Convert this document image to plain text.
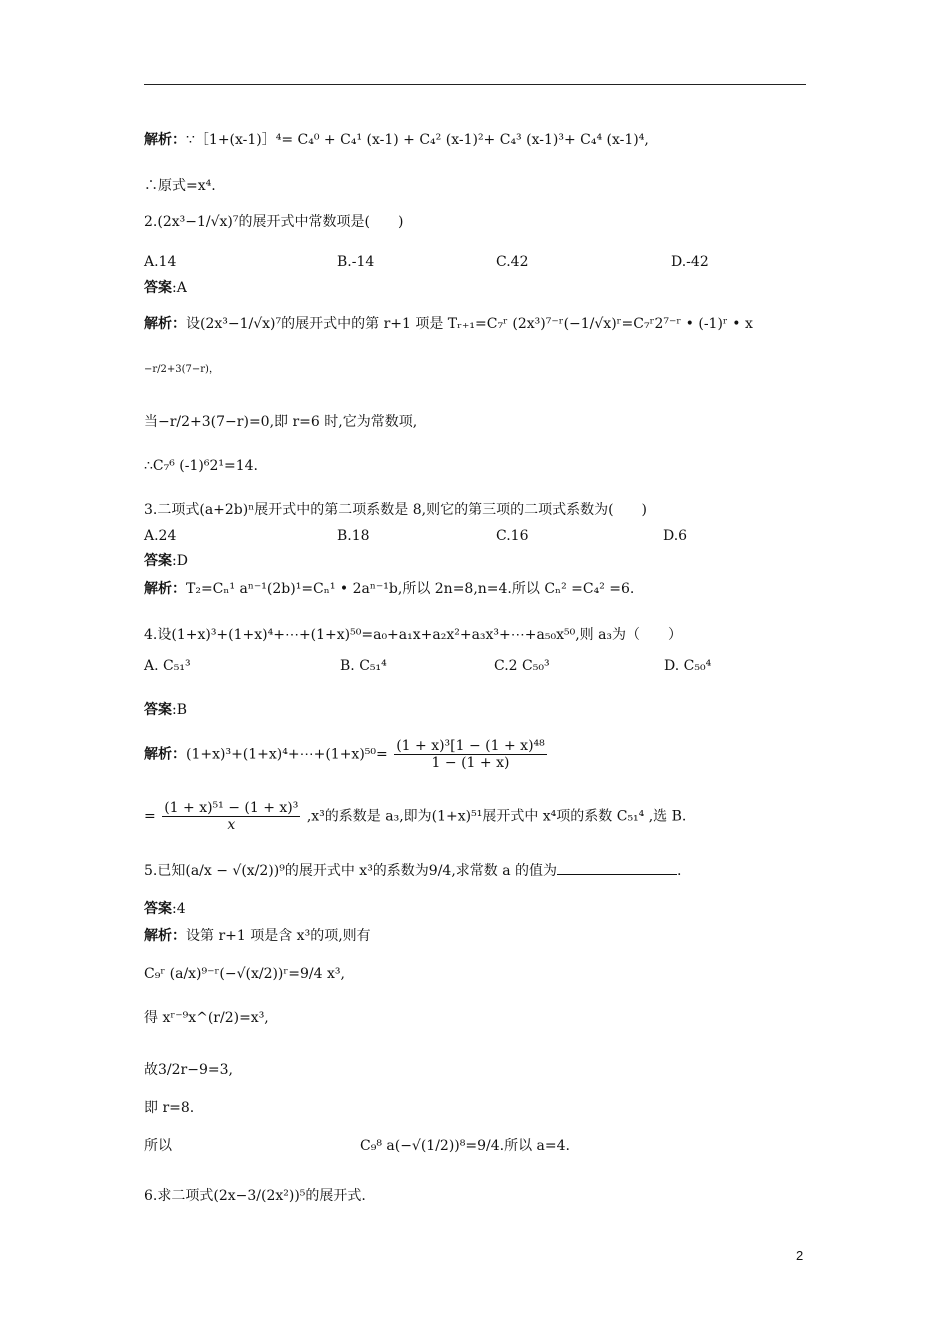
解析：∵［1+(x-1)］⁴= C₄⁰ + C₄¹ (x-1) + C₄² (x-1)²+ C₄³ (x-1)³+ C₄⁴ (x-1)⁴,
∴原式=x⁴.
2.(2x³−1/√x)⁷的展开式中常数项是(　　)
A.14	B.-14	C.42	D.-42
答案:A
解析：设(2x³−1/√x)⁷的展开式中的第 r+1 项是 Tᵣ₊₁=C₇ʳ (2x³)⁷⁻ʳ(−1/√x)ʳ=C₇ʳ2⁷⁻ʳ • (-1)ʳ • x
−r/2+3(7−r)，
当−r/2+3(7−r)=0,即 r=6 时,它为常数项,
∴C₇⁶ (-1)⁶2¹=14.
3.二项式(a+2b)ⁿ展开式中的第二项系数是 8,则它的第三项的二项式系数为(　　)
A.24	B.18	C.16	D.6
答案:D
解析：T₂=Cₙ¹ aⁿ⁻¹(2b)¹=Cₙ¹ • 2aⁿ⁻¹b,所以 2n=8,n=4.所以 Cₙ² =C₄² =6.
4.设(1+x)³+(1+x)⁴+⋯+(1+x)⁵⁰=a₀+a₁x+a₂x²+a₃x³+⋯+a₅₀x⁵⁰,则 a₃为（　　）
A. C₅₁³	B. C₅₁⁴	C.2 C₅₀³	D. C₅₀⁴
答案:B
解析：(1+x)³+(1+x)⁴+⋯+(1+x)⁵⁰= $\frac{\text{(1 + x)³[1 − (1 + x)⁴⁸}}{1 - (1 + x)}$
= $\frac{\text{(1 + x)⁵¹ − (1 + x)³}}{x} ,x^3$的系数是 a₃,即为(1+x)⁵¹展开式中 x⁴项的系数 C₅₁⁴ ,选 B.
5.已知(a/x − √(x/2))⁹的展开式中 x³的系数为9/4,求常数 a 的值为	.
答案:4
解析：设第 r+1 项是含 x³的项,则有
C₉ʳ (a/x)⁹⁻ʳ(−√(x/2))ʳ=9/4 x³,
得 xʳ⁻⁹x^(r/2)=x³,
故3/2r−9=3,
即 r=8.
所以	C₉⁸ a(−√(1/2))⁸=9/4.所以 a=4.
6.求二项式(2x−3/(2x²))⁵的展开式.
2
